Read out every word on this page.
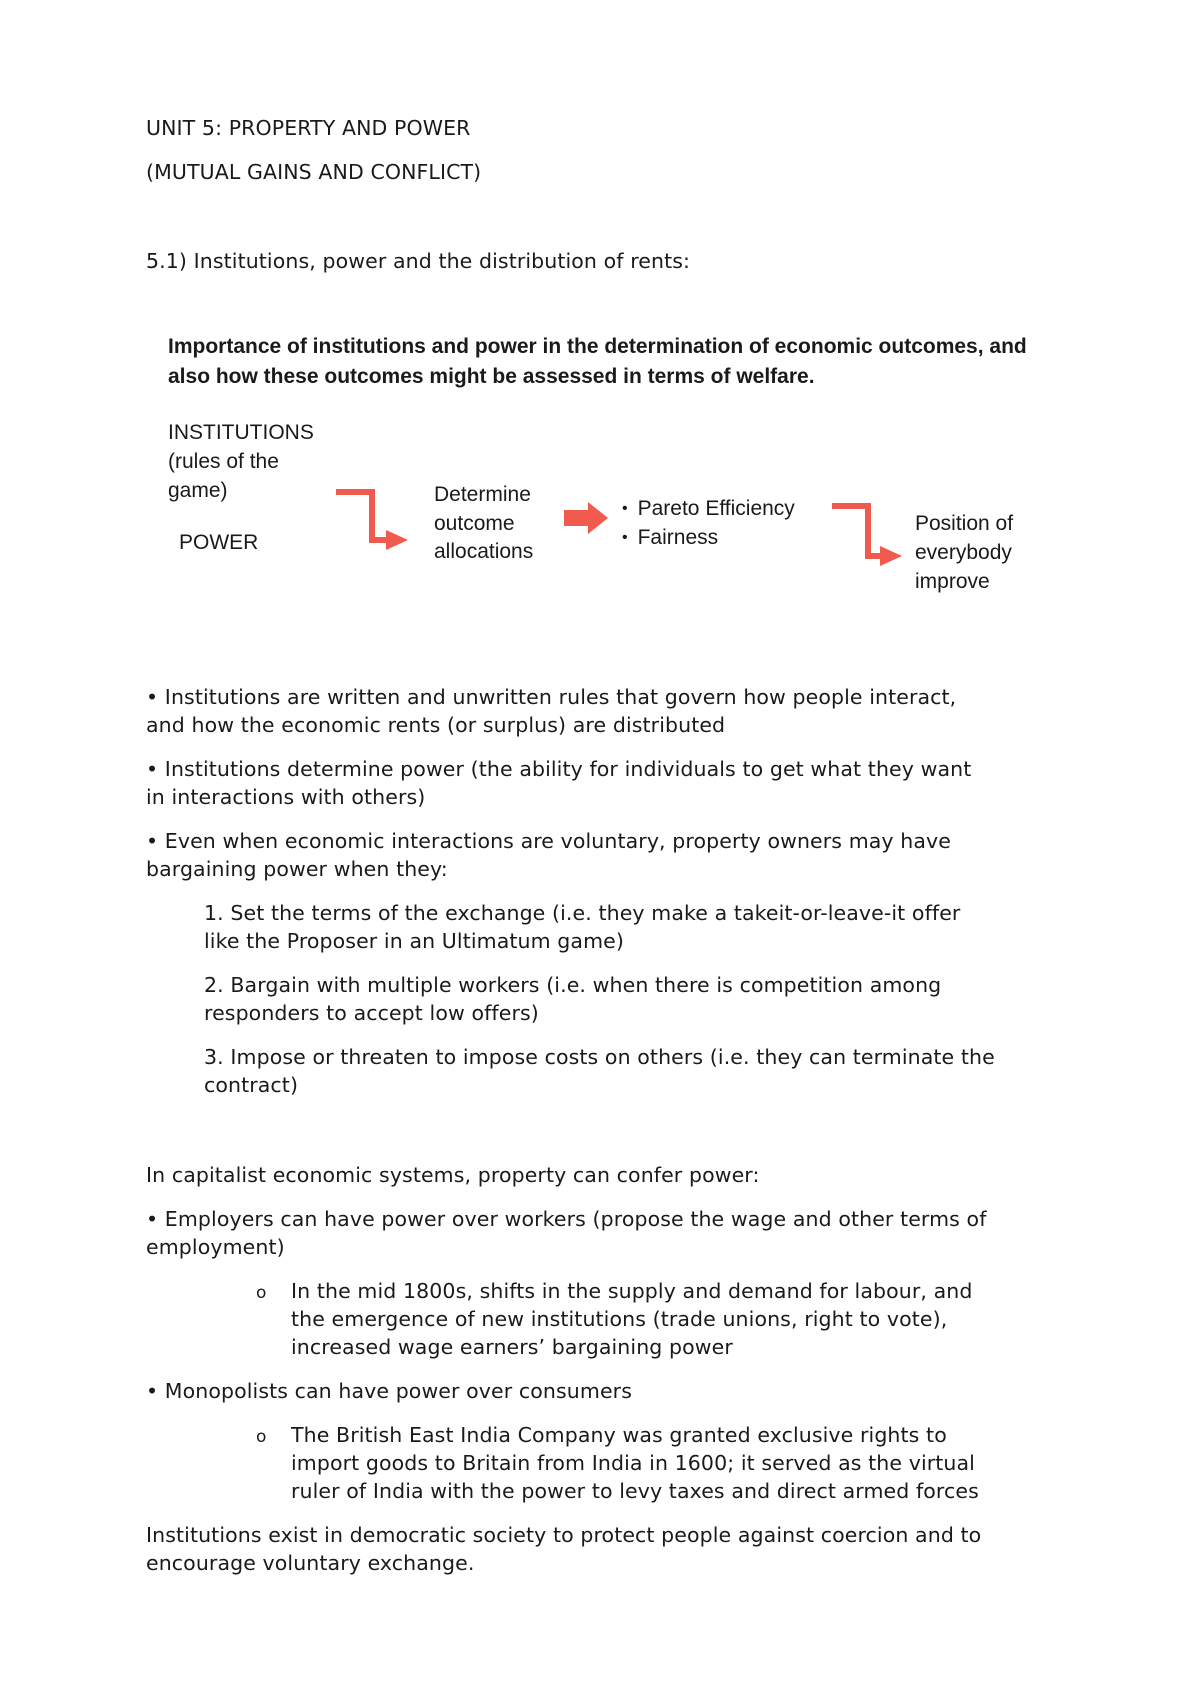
UNIT 5: PROPERTY AND POWER

(MUTUAL GAINS AND CONFLICT)

5.1) Institutions, power and the distribution of rents:

Importance of institutions and power in the determination of economic outcomes, and

also how these outcomes might be assessed in terms of welfare.

INSTITUTIONS

(rules of the

game)

POWER

Determine

outcome

allocations

• Pareto Efficiency

• Fairness

Position of

everybody

improve

• Institutions are written and unwritten rules that govern how people interact,

and how the economic rents (or surplus) are distributed

• Institutions determine power (the ability for individuals to get what they want

in interactions with others)

• Even when economic interactions are voluntary, property owners may have

bargaining power when they:

1. Set the terms of the exchange (i.e. they make a takeit-or-leave-it offer

like the Proposer in an Ultimatum game)

2. Bargain with multiple workers (i.e. when there is competition among

responders to accept low offers)

3. Impose or threaten to impose costs on others (i.e. they can terminate the

contract)

In capitalist economic systems, property can confer power:

• Employers can have power over workers (propose the wage and other terms of

employment)

o In the mid 1800s, shifts in the supply and demand for labour, and

the emergence of new institutions (trade unions, right to vote),

increased wage earners’ bargaining power

• Monopolists can have power over consumers

o The British East India Company was granted exclusive rights to

import goods to Britain from India in 1600; it served as the virtual

ruler of India with the power to levy taxes and direct armed forces

Institutions exist in democratic society to protect people against coercion and to

encourage voluntary exchange.
